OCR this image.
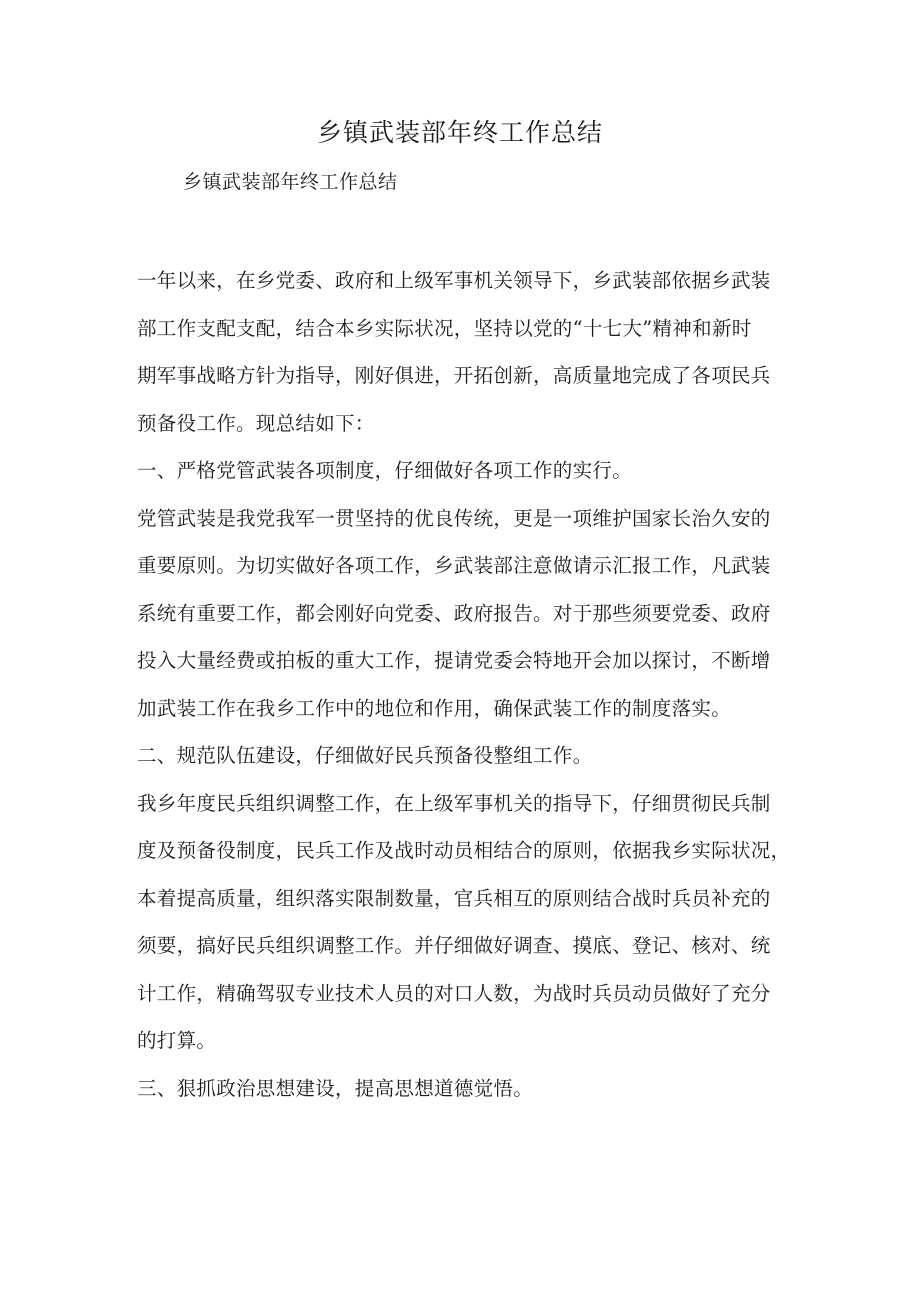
乡镇武装部年终工作总结

乡镇武装部年终工作总结

一年以来，在乡党委、政府和上级军事机关领导下，乡武装部依据乡武装
部工作支配支配，结合本乡实际状况，坚持以党的“十七大”精神和新时
期军事战略方针为指导，刚好俱进，开拓创新，高质量地完成了各项民兵
预备役工作。现总结如下：
一、严格党管武装各项制度，仔细做好各项工作的实行。
党管武装是我党我军一贯坚持的优良传统，更是一项维护国家长治久安的
重要原则。为切实做好各项工作，乡武装部注意做请示汇报工作，凡武装
系统有重要工作，都会刚好向党委、政府报告。对于那些须要党委、政府
投入大量经费或拍板的重大工作，提请党委会特地开会加以探讨，不断增
加武装工作在我乡工作中的地位和作用，确保武装工作的制度落实。
二、规范队伍建设，仔细做好民兵预备役整组工作。
我乡年度民兵组织调整工作，在上级军事机关的指导下，仔细贯彻民兵制
度及预备役制度，民兵工作及战时动员相结合的原则，依据我乡实际状况，
本着提高质量，组织落实限制数量，官兵相互的原则结合战时兵员补充的
须要，搞好民兵组织调整工作。并仔细做好调查、摸底、登记、核对、统
计工作，精确驾驭专业技术人员的对口人数，为战时兵员动员做好了充分
的打算。
三、狠抓政治思想建设，提高思想道德觉悟。
